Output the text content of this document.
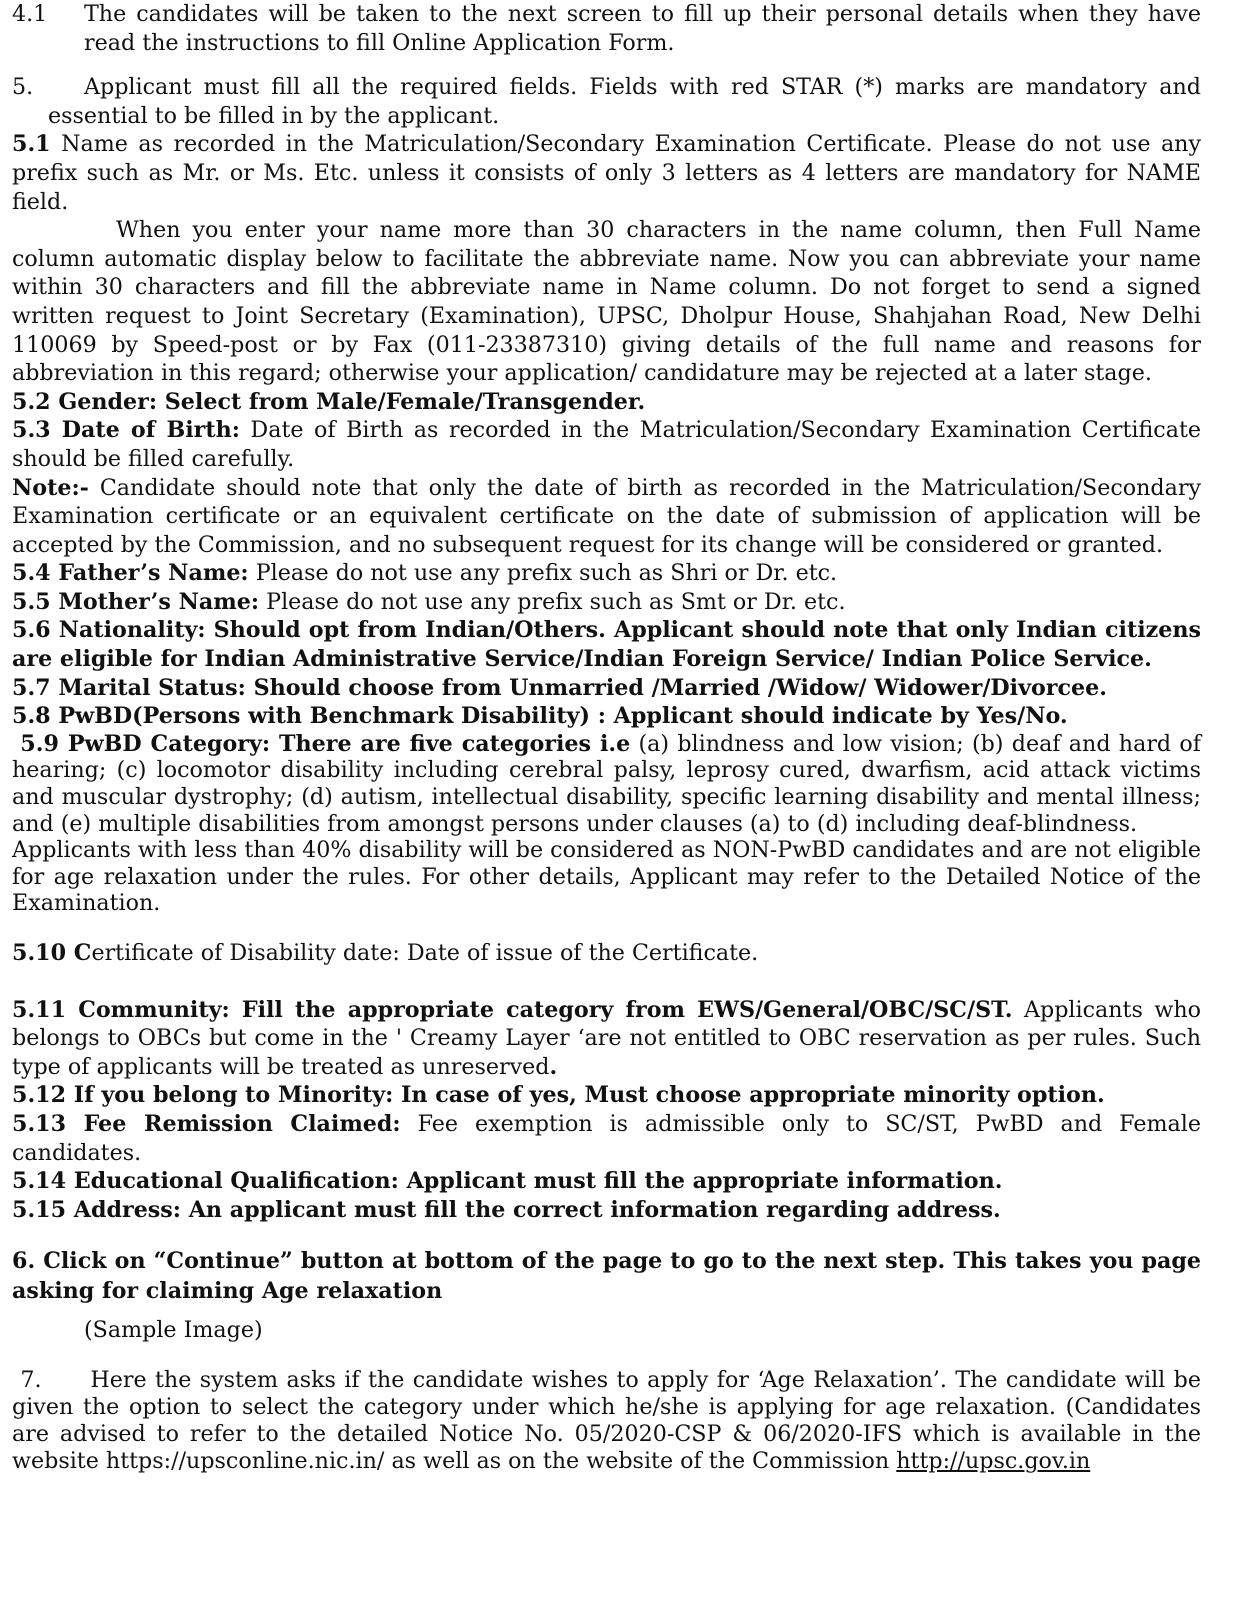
4.1 The candidates will be taken to the next screen to fill up their personal details when they have read the instructions to fill Online Application Form.

5. Applicant must fill all the required fields. Fields with red STAR (*) marks are mandatory and essential to be filled in by the applicant.

5.1 Name as recorded in the Matriculation/Secondary Examination Certificate. Please do not use any prefix such as Mr. or Ms. Etc. unless it consists of only 3 letters as 4 letters are mandatory for NAME field.

When you enter your name more than 30 characters in the name column, then Full Name column automatic display below to facilitate the abbreviate name. Now you can abbreviate your name within 30 characters and fill the abbreviate name in Name column. Do not forget to send a signed written request to Joint Secretary (Examination), UPSC, Dholpur House, Shahjahan Road, New Delhi 110069 by Speed-post or by Fax (011-23387310) giving details of the full name and reasons for abbreviation in this regard; otherwise your application/ candidature may be rejected at a later stage.

5.2 Gender: Select from Male/Female/Transgender.

5.3 Date of Birth: Date of Birth as recorded in the Matriculation/Secondary Examination Certificate should be filled carefully.

Note:- Candidate should note that only the date of birth as recorded in the Matriculation/Secondary Examination certificate or an equivalent certificate on the date of submission of application will be accepted by the Commission, and no subsequent request for its change will be considered or granted.

5.4 Father’s Name: Please do not use any prefix such as Shri or Dr. etc.

5.5 Mother’s Name: Please do not use any prefix such as Smt or Dr. etc.

5.6 Nationality: Should opt from Indian/Others. Applicant should note that only Indian citizens are eligible for Indian Administrative Service/Indian Foreign Service/ Indian Police Service.

5.7 Marital Status: Should choose from Unmarried /Married /Widow/ Widower/Divorcee.

5.8 PwBD(Persons with Benchmark Disability) : Applicant should indicate by Yes/No.

5.9 PwBD Category: There are five categories i.e (a) blindness and low vision; (b) deaf and hard of hearing; (c) locomotor disability including cerebral palsy, leprosy cured, dwarfism, acid attack victims and muscular dystrophy; (d) autism, intellectual disability, specific learning disability and mental illness; and (e) multiple disabilities from amongst persons under clauses (a) to (d) including deaf-blindness.

Applicants with less than 40% disability will be considered as NON-PwBD candidates and are not eligible for age relaxation under the rules. For other details, Applicant may refer to the Detailed Notice of the Examination.

5.10 Certificate of Disability date: Date of issue of the Certificate.

5.11 Community: Fill the appropriate category from EWS/General/OBC/SC/ST. Applicants who belongs to OBCs but come in the ' Creamy Layer ‘are not entitled to OBC reservation as per rules. Such type of applicants will be treated as unreserved.

5.12 If you belong to Minority: In case of yes, Must choose appropriate minority option.

5.13 Fee Remission Claimed: Fee exemption is admissible only to SC/ST, PwBD and Female candidates.

5.14 Educational Qualification: Applicant must fill the appropriate information.

5.15 Address: An applicant must fill the correct information regarding address.

6. Click on “Continue” button at bottom of the page to go to the next step. This takes you page asking for claiming Age relaxation

(Sample Image)

7. Here the system asks if the candidate wishes to apply for ‘Age Relaxation’. The candidate will be given the option to select the category under which he/she is applying for age relaxation. (Candidates are advised to refer to the detailed Notice No. 05/2020-CSP & 06/2020-IFS which is available in the website https://upsconline.nic.in/ as well as on the website of the Commission http://upsc.gov.in
